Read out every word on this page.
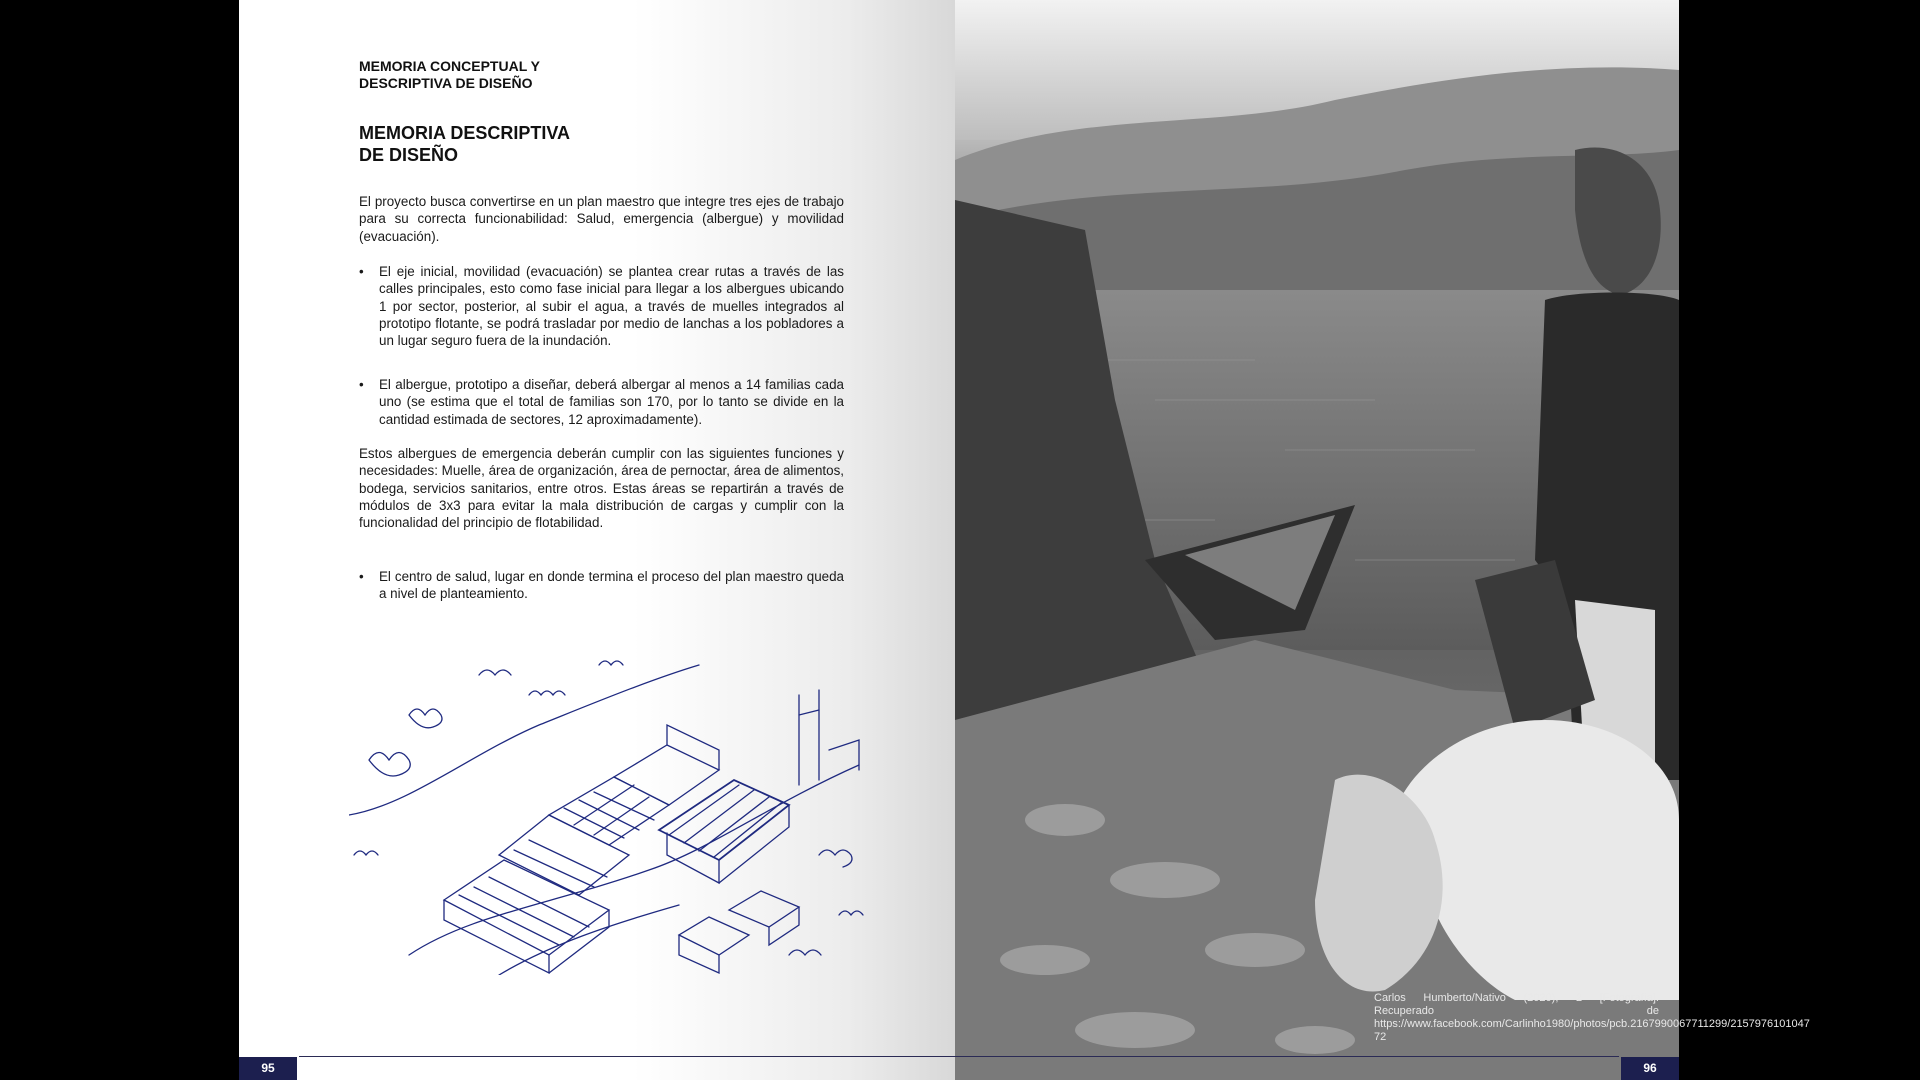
MEMORIA CONCEPTUAL Y
DESCRIPTIVA DE DISEÑO
MEMORIA DESCRIPTIVA
DE DISEÑO
El proyecto busca convertirse en un plan maestro que integre tres ejes de trabajo para su correcta funcionabilidad: Salud, emergencia (albergue) y movilidad (evacuación).
• El eje inicial, movilidad (evacuación) se plantea crear rutas a través de las calles principales, esto como fase inicial para llegar a los albergues ubicando 1 por sector, posterior, al subir el agua, a través de muelles integrados al prototipo flotante, se podrá trasladar por medio de lanchas a los pobladores a un lugar seguro fuera de la inundación.
• El albergue, prototipo a diseñar, deberá albergar al menos a 14 familias cada uno (se estima que el total de familias son 170, por lo tanto se divide en la cantidad estimada de sectores, 12 aproximadamente).
Estos albergues de emergencia deberán cumplir con las siguientes funciones y necesidades: Muelle, área de organización, área de pernoctar, área de alimentos, bodega, servicios sanitarios, entre otros. Estas áreas se repartirán a través de módulos de 3x3 para evitar la mala distribución de cargas y cumplir con la funcionalidad del principio de flotabilidad.
• El centro de salud, lugar en donde termina el proceso del plan maestro queda a nivel de planteamiento.
95	96
Carlos Humberto/Nativo (2020), 2 [Fotografía]. Recuperado de https://www.facebook.com/Carlinho1980/photos/pcb.2167990067711299/2157976101047 72
